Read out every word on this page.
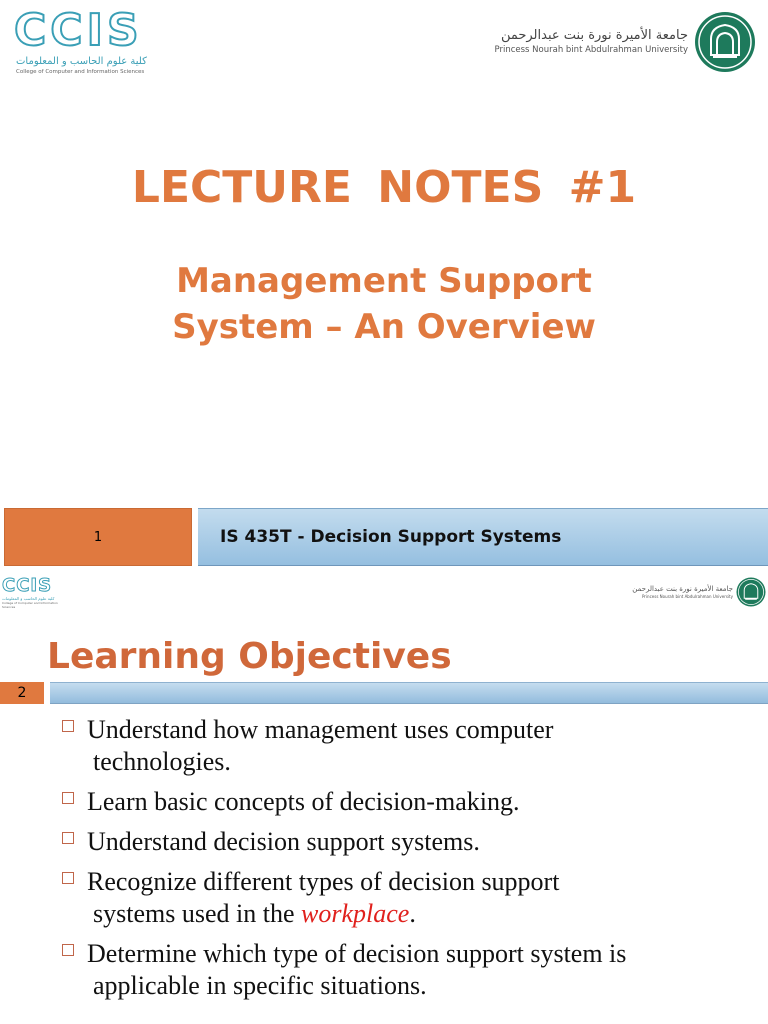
CCIS
كلية علوم الحاسب و المعلومات
College of Computer and Information Sciences
جامعة الأميرة نورة بنت عبدالرحمن
Princess Nourah bint Abdulrahman University
LECTURE NOTES #1
Management Support
System – An Overview
1	IS 435T - Decision Support Systems
CCIS
كلية علوم الحاسب و المعلومات
College of Computer and Information Sciences
جامعة الأميرة نورة بنت عبدالرحمن
Princess Nourah bint Abdulrahman University
Learning Objectives
2
Understand how management uses computer
technologies.
Learn basic concepts of decision-making.
Understand decision support systems.
Recognize different types of decision support
systems used in the workplace.
Determine which type of decision support system is
applicable in specific situations.
